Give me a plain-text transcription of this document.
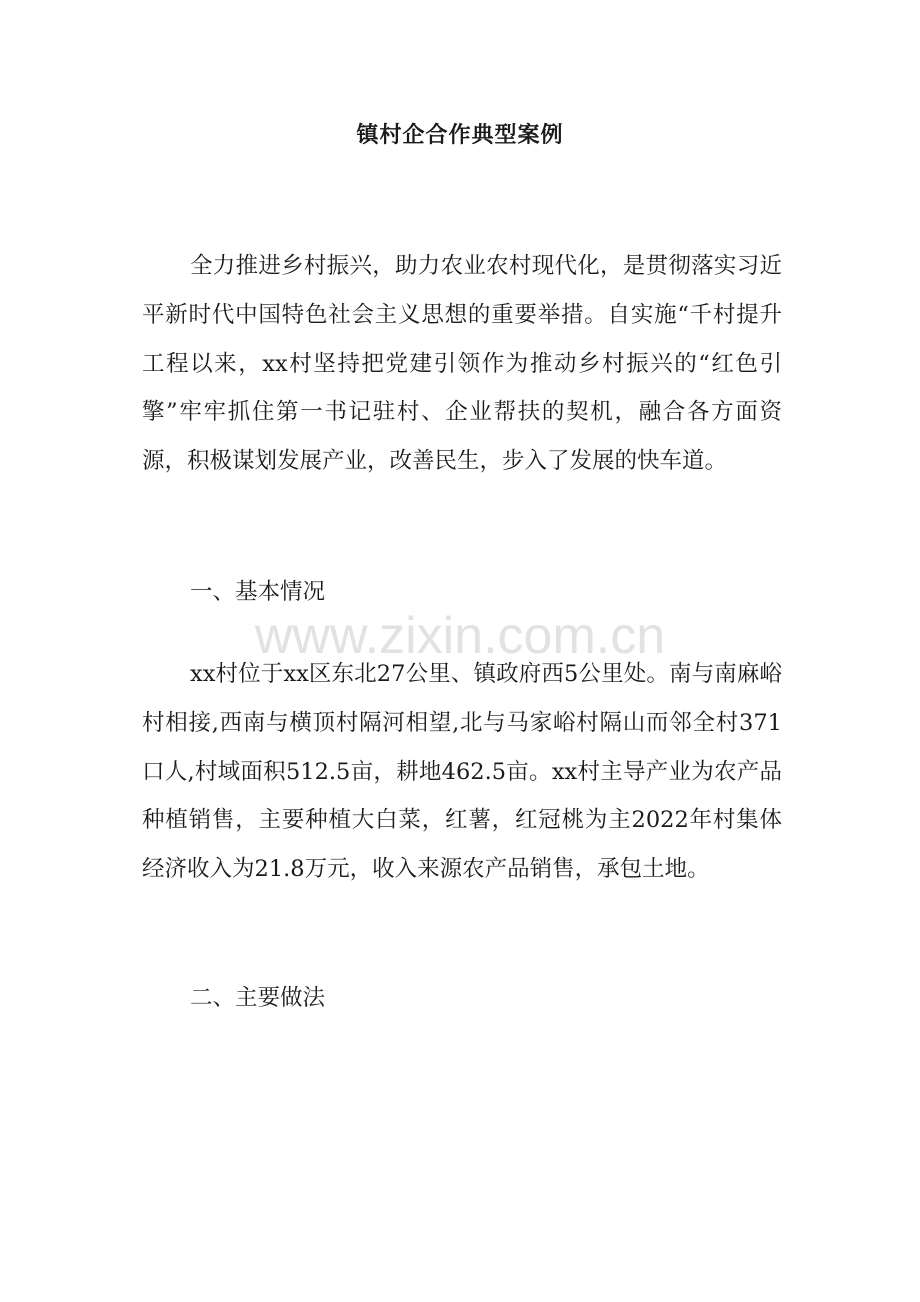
镇村企合作典型案例

全力推进乡村振兴，助力农业农村现代化，是贯彻落实习近平新时代中国特色社会主义思想的重要举措。自实施“千村提升工程以来，xx村坚持把党建引领作为推动乡村振兴的“红色引擎”牢牢抓住第一书记驻村、企业帮扶的契机，融合各方面资源，积极谋划发展产业，改善民生，步入了发展的快车道。

一、基本情况

www.zixin.com.cn

xx村位于xx区东北27公里、镇政府西5公里处。南与南麻峪村相接,西南与横顶村隔河相望,北与马家峪村隔山而邻全村371口人,村域面积512.5亩，耕地462.5亩。xx村主导产业为农产品种植销售，主要种植大白菜，红薯，红冠桃为主2022年村集体经济收入为21.8万元，收入来源农产品销售，承包土地。

二、主要做法
